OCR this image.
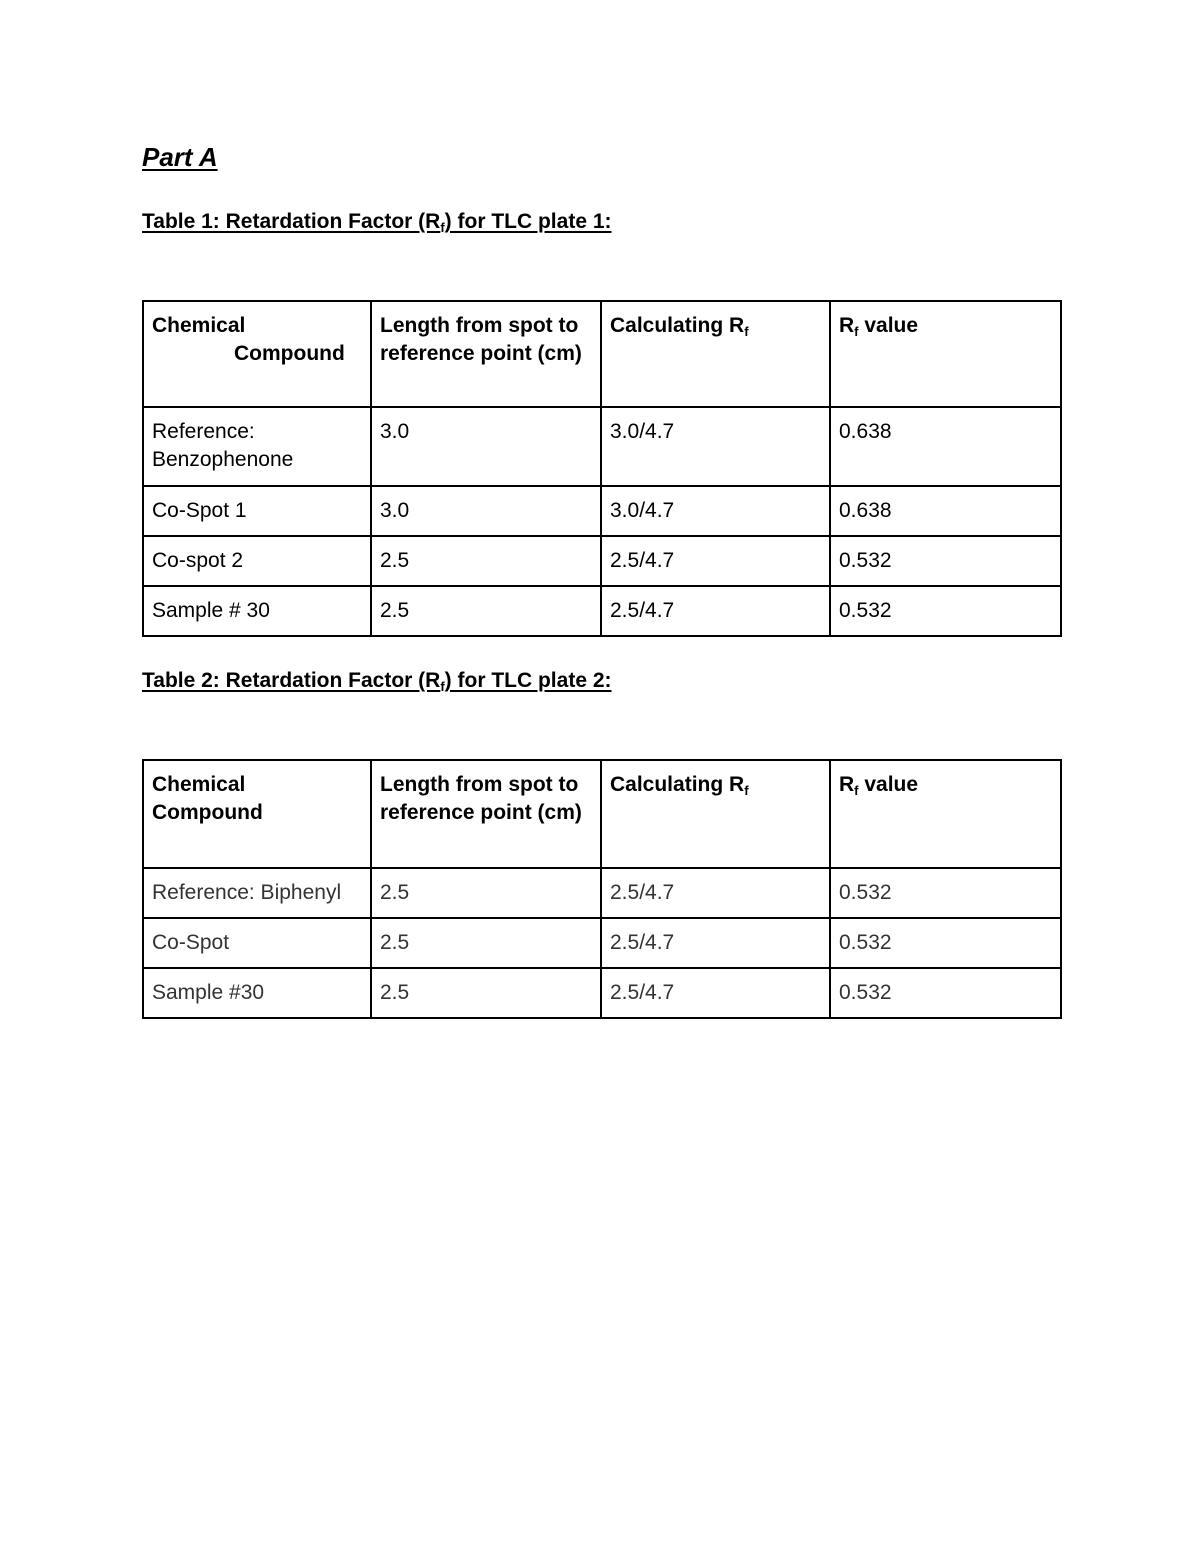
Part A

Table 1: Retardation Factor $(R_f)$ for TLC plate 1:

Chemical
Compound	Length from spot to reference point (cm)	Calculating $R_f$	$R_f$ value

Reference:
Benzophenone	3.0	3.0/4.7	0.638
Co-Spot 1	3.0	3.0/4.7	0.638
Co-spot 2	2.5	2.5/4.7	0.532
Sample # 30	2.5	2.5/4.7	0.532

Table 2: Retardation Factor $(R_f)$ for TLC plate 2:

Chemical
Compound	Length from spot to reference point (cm)	Calculating $R_f$	$R_f$ value
Reference: Biphenyl	2.5	2.5/4.7	0.532
Co-Spot	2.5	2.5/4.7	0.532
Sample #30	2.5	2.5/4.7	0.532
